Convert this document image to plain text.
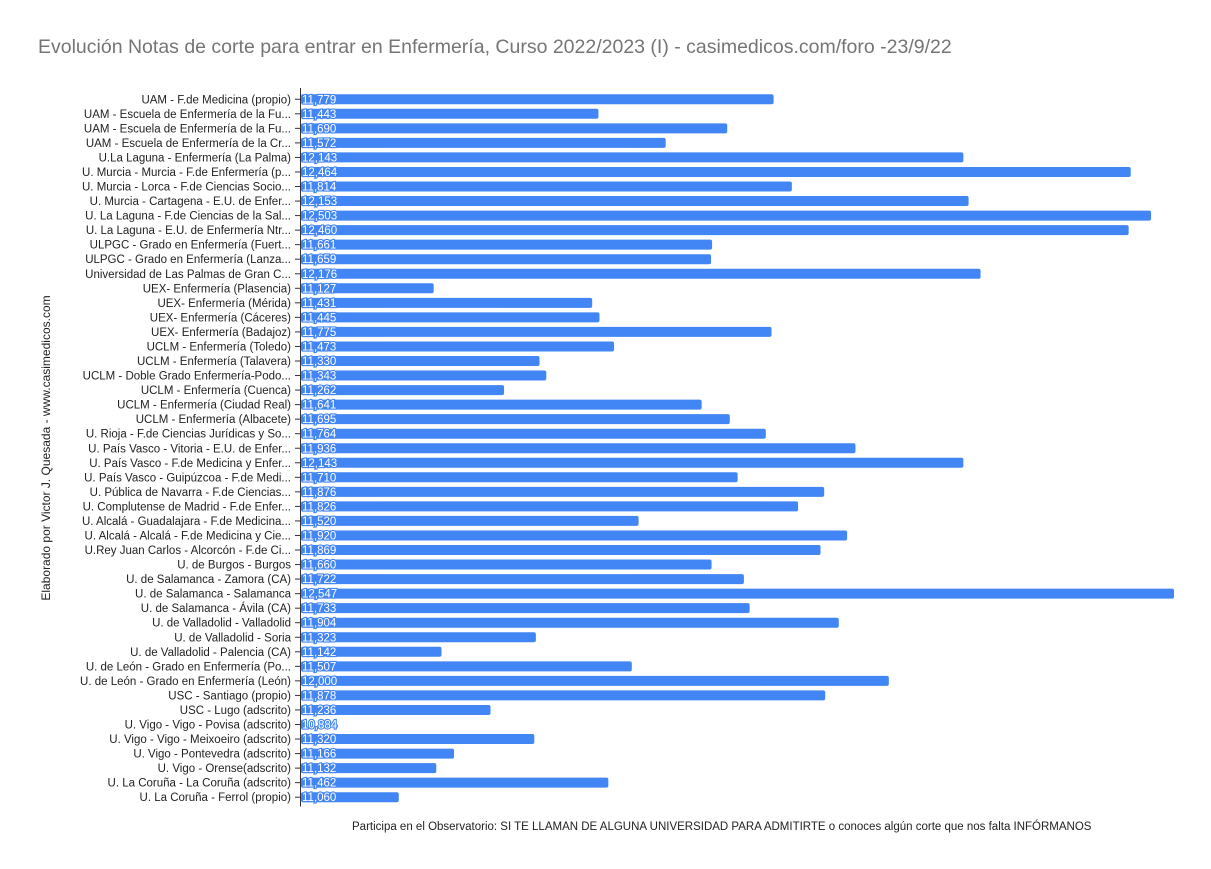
Evolución Notas de corte para entrar en Enfermería, Curso 2022/2023 (I) - casimedicos.com/foro -23/9/22
Elaborado por Victor J. Quesada - www.casimedicos.com
UAM - F.de Medicina (propio)
UAM - Escuela de Enfermería de la Fu...
UAM - Escuela de Enfermería de la Fu...
UAM - Escuela de Enfermería de la Cr...
U.La Laguna - Enfermería (La Palma)
U. Murcia - Murcia - F.de Enfermería (p...
U. Murcia - Lorca - F.de Ciencias Socio...
U. Murcia - Cartagena - E.U. de Enfer...
U. La Laguna - F.de Ciencias de la Sal...
U. La Laguna - E.U. de Enfermería Ntr...
ULPGC - Grado en Enfermería (Fuert...
ULPGC - Grado en Enfermería (Lanza...
Universidad de Las Palmas de Gran C...
UEX- Enfermería (Plasencia)
UEX- Enfermería (Mérida)
UEX- Enfermería (Cáceres)
UEX- Enfermería (Badajoz)
UCLM - Enfermería (Toledo)
UCLM - Enfermería (Talavera)
UCLM - Doble Grado Enfermería-Podo...
UCLM - Enfermería (Cuenca)
UCLM - Enfermería (Ciudad Real)
UCLM - Enfermería (Albacete)
U. Rioja - F.de Ciencias Jurídicas y So...
U. País Vasco - Vitoria - E.U. de Enfer...
U. País Vasco - F.de Medicina y Enfer...
U. País Vasco - Guipúzcoa - F.de Medi...
U. Pública de Navarra - F.de Ciencias...
U. Complutense de Madrid - F.de Enfer...
U. Alcalá - Guadalajara - F.de Medicina...
U. Alcalá - Alcalá - F.de Medicina y Cie...
U.Rey Juan Carlos - Alcorcón - F.de Ci...
U. de Burgos - Burgos
U. de Salamanca - Zamora (CA)
U. de Salamanca - Salamanca
U. de Salamanca - Ávila (CA)
U. de Valladolid - Valladolid
U. de Valladolid - Soria
U. de Valladolid - Palencia (CA)
U. de León - Grado en Enfermería (Po...
U. de León - Grado en Enfermería (León)
USC - Santiago (propio)
USC - Lugo (adscrito)
U. Vigo - Vigo - Povisa (adscrito)
U. Vigo - Vigo - Meixoeiro (adscrito)
U. Vigo - Pontevedra (adscrito)
U. Vigo - Orense(adscrito)
U. La Coruña - La Coruña (adscrito)
U. La Coruña - Ferrol (propio)
11,779
11,443
11,690
11,572
12,143
12,464
11,814
12,153
12,503
12,460
11,661
11,659
12,176
11,127
11,431
11,445
11,775
11,473
11,330
11,343
11,262
11,641
11,695
11,764
11,936
12,143
11,710
11,876
11,826
11,520
11,920
11,869
11,660
11,722
12,547
11,733
11,904
11,323
11,142
11,507
12,000
11,878
11,236
10,884
11,320
11,166
11,132
11,462
11,060
Participa en el Observatorio: SI TE LLAMAN DE ALGUNA UNIVERSIDAD PARA ADMITIRTE o conoces algún corte que nos falta INFÓRMANOS
